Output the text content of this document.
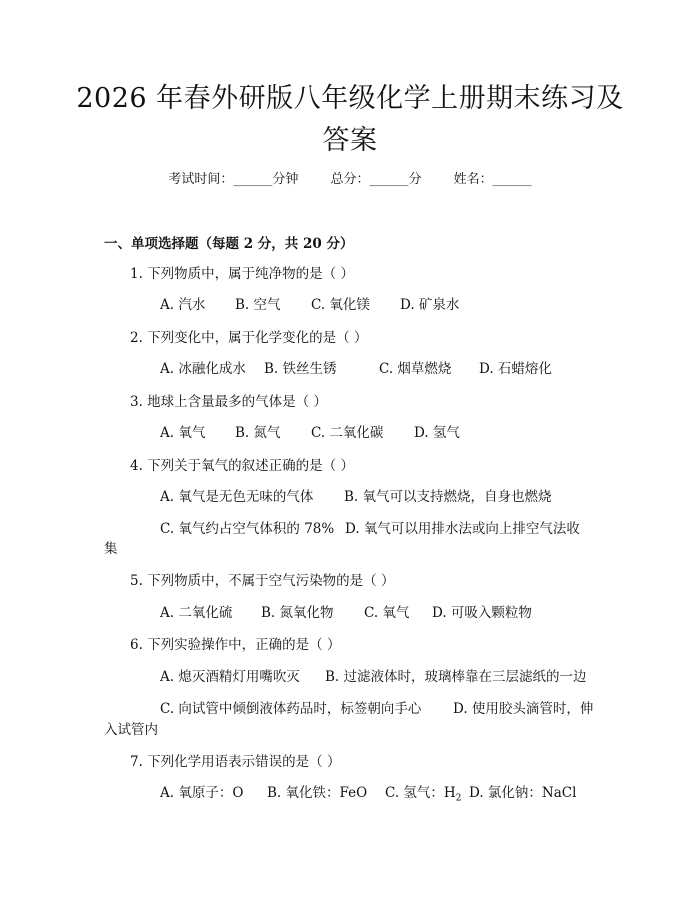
2026 年春外研版八年级化学上册期末练习及
答案
考试时间：______分钟 总分：______分 姓名：______
一、单项选择题（每题 2 分，共 20 分）
1. 下列物质中，属于纯净物的是（ ）
A. 汽水 B. 空气 C. 氧化镁 D. 矿泉水
2. 下列变化中，属于化学变化的是（ ）
A. 冰融化成水 B. 铁丝生锈	C. 烟草燃烧 D. 石蜡熔化
3. 地球上含量最多的气体是（ ）
A. 氧气 B. 氮气 C. 二氧化碳 D. 氢气
4. 下列关于氧气的叙述正确的是（ ）
A. 氧气是无色无味的气体 B. 氧气可以支持燃烧，自身也燃烧
C. 氧气约占空气体积的 78% D. 氧气可以用排水法或向上排空气法收
集
5. 下列物质中，不属于空气污染物的是（ ）
A. 二氧化硫 B. 氮氧化物 C. 氧气 D. 可吸入颗粒物
6. 下列实验操作中，正确的是（ ）
A. 熄灭酒精灯用嘴吹灭 B. 过滤液体时，玻璃棒靠在三层滤纸的一边
C. 向试管中倾倒液体药品时，标签朝向手心 D. 使用胶头滴管时，伸
入试管内
7. 下列化学用语表示错误的是（ ）
A. 氧原子：O B. 氧化铁：FeO C. 氢气：$H_2$ D. 氯化钠：NaCl
